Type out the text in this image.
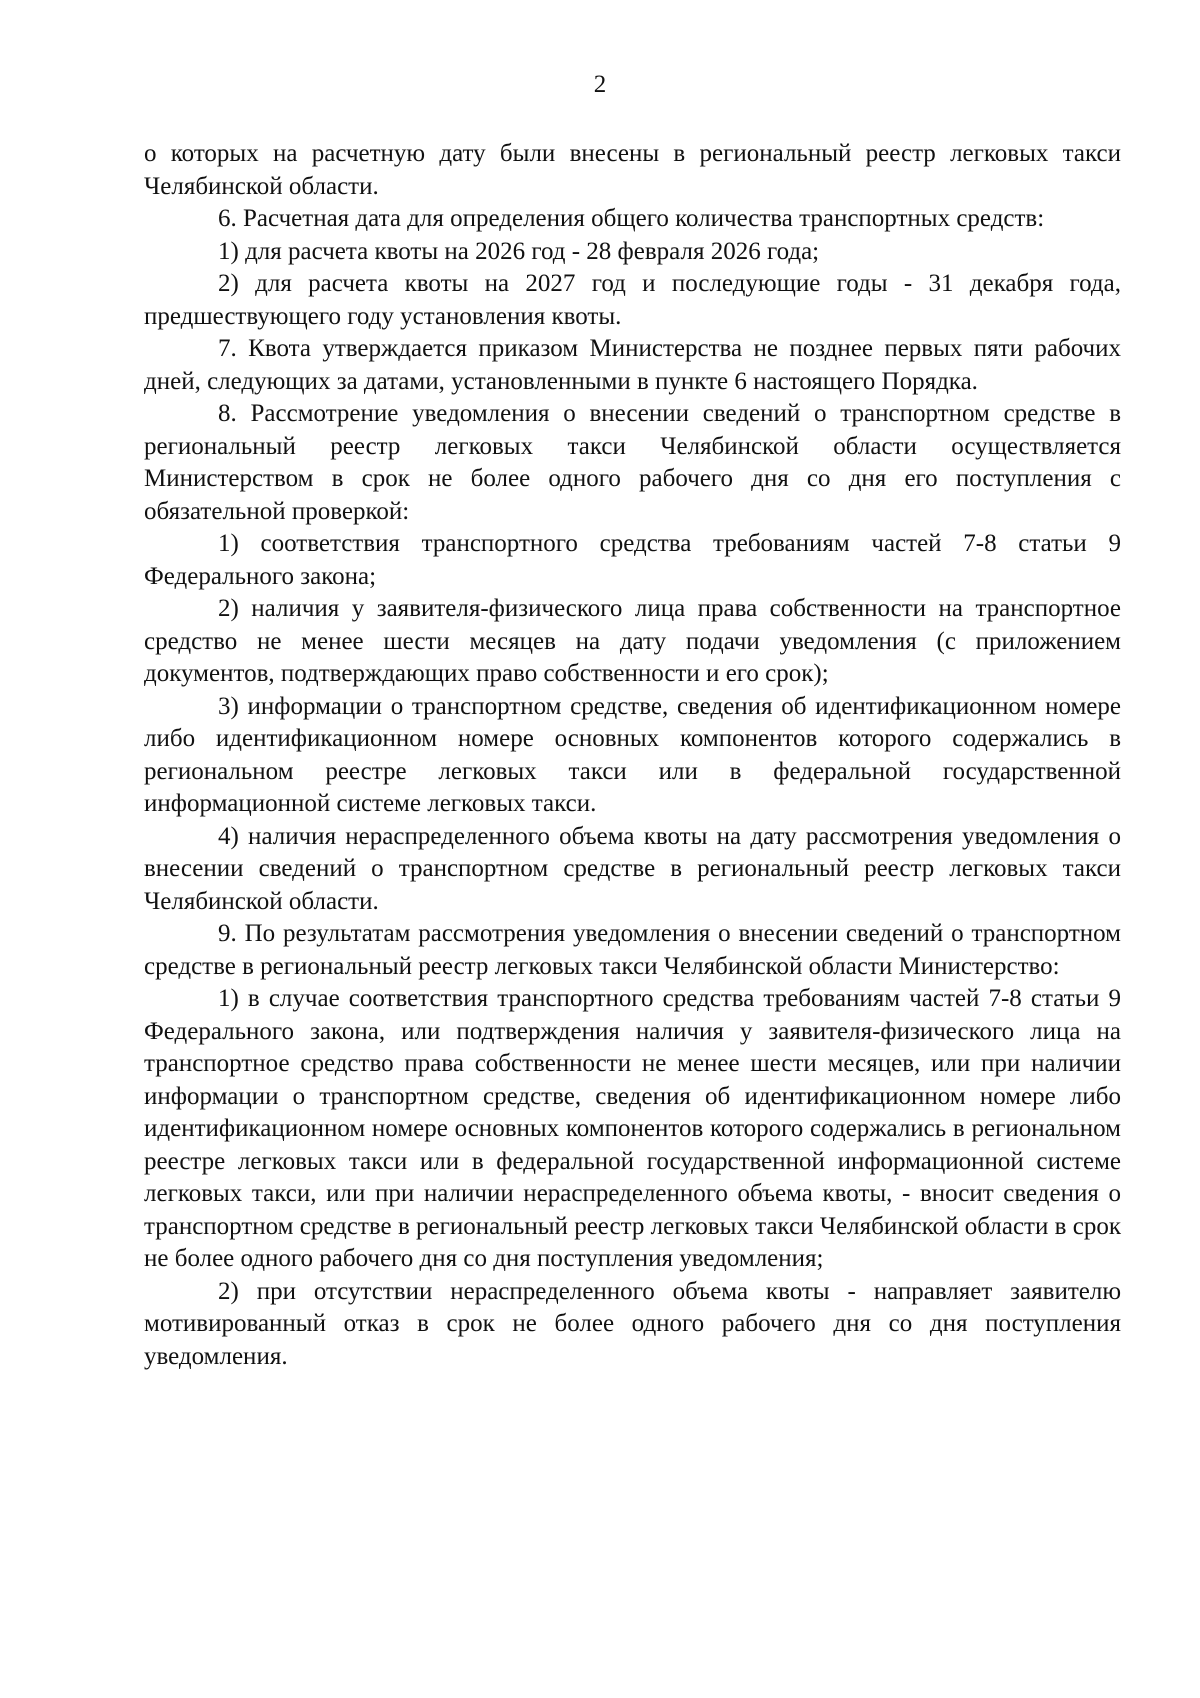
2

о которых на расчетную дату были внесены в региональный реестр легковых такси Челябинской области.

6. Расчетная дата для определения общего количества транспортных средств:

1) для расчета квоты на 2026 год - 28 февраля 2026 года;

2) для расчета квоты на 2027 год и последующие годы - 31 декабря года, предшествующего году установления квоты.

7. Квота утверждается приказом Министерства не позднее первых пяти рабочих дней, следующих за датами, установленными в пункте 6 настоящего Порядка.

8. Рассмотрение уведомления о внесении сведений о транспортном средстве в региональный реестр легковых такси Челябинской области осуществляется Министерством в срок не более одного рабочего дня со дня его поступления с обязательной проверкой:

1) соответствия транспортного средства требованиям частей 7-8 статьи 9 Федерального закона;

2) наличия у заявителя-физического лица права собственности на транспортное средство не менее шести месяцев на дату подачи уведомления (с приложением документов, подтверждающих право собственности и его срок);

3) информации о транспортном средстве, сведения об идентификационном номере либо идентификационном номере основных компонентов которого содержались в региональном реестре легковых такси или в федеральной государственной информационной системе легковых такси.

4) наличия нераспределенного объема квоты на дату рассмотрения уведомления о внесении сведений о транспортном средстве в региональный реестр легковых такси Челябинской области.

9. По результатам рассмотрения уведомления о внесении сведений о транспортном средстве в региональный реестр легковых такси Челябинской области Министерство:

1) в случае соответствия транспортного средства требованиям частей 7-8 статьи 9 Федерального закона, или подтверждения наличия у заявителя-физического лица на транспортное средство права собственности не менее шести месяцев, или при наличии информации о транспортном средстве, сведения об идентификационном номере либо идентификационном номере основных компонентов которого содержались в региональном реестре легковых такси или в федеральной государственной информационной системе легковых такси, или при наличии нераспределенного объема квоты, - вносит сведения о транспортном средстве в региональный реестр легковых такси Челябинской области в срок не более одного рабочего дня со дня поступления уведомления;

2) при отсутствии нераспределенного объема квоты - направляет заявителю мотивированный отказ в срок не более одного рабочего дня со дня поступления уведомления.
